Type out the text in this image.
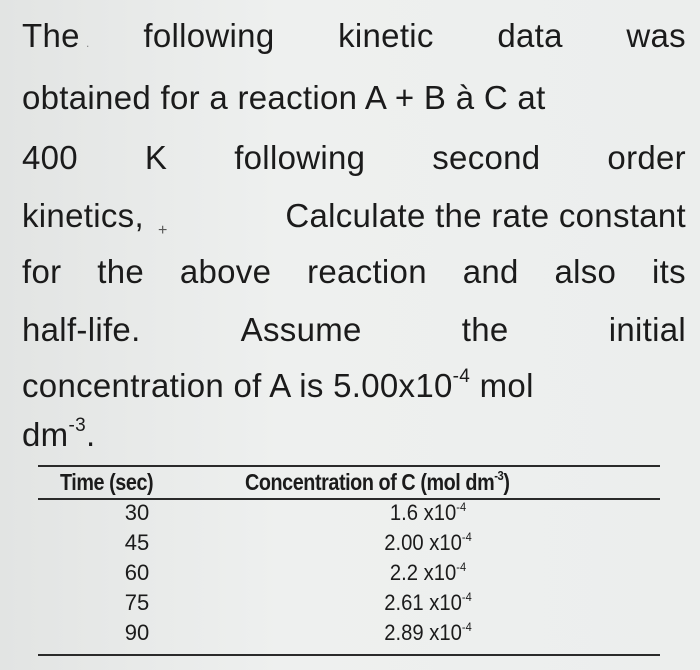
The following kinetic data was
.
obtained for a reaction A + B à C at
400 K following second order
kinetics,	Calculate the rate constant
+
for the above reaction and also its
half-life.	Assume	the	initial
concentration of A is $5.00x10^{-4}$ mol
$dm^{-3}$.
Time (sec)	Concentration of C (mol $dm^{-3}$)
30	1.6 $x10^{-4}$
45	2.00 $x10^{-4}$
60	2.2 $x10^{-4}$
75	2.61 $x10^{-4}$
90	2.89 $x10^{-4}$
